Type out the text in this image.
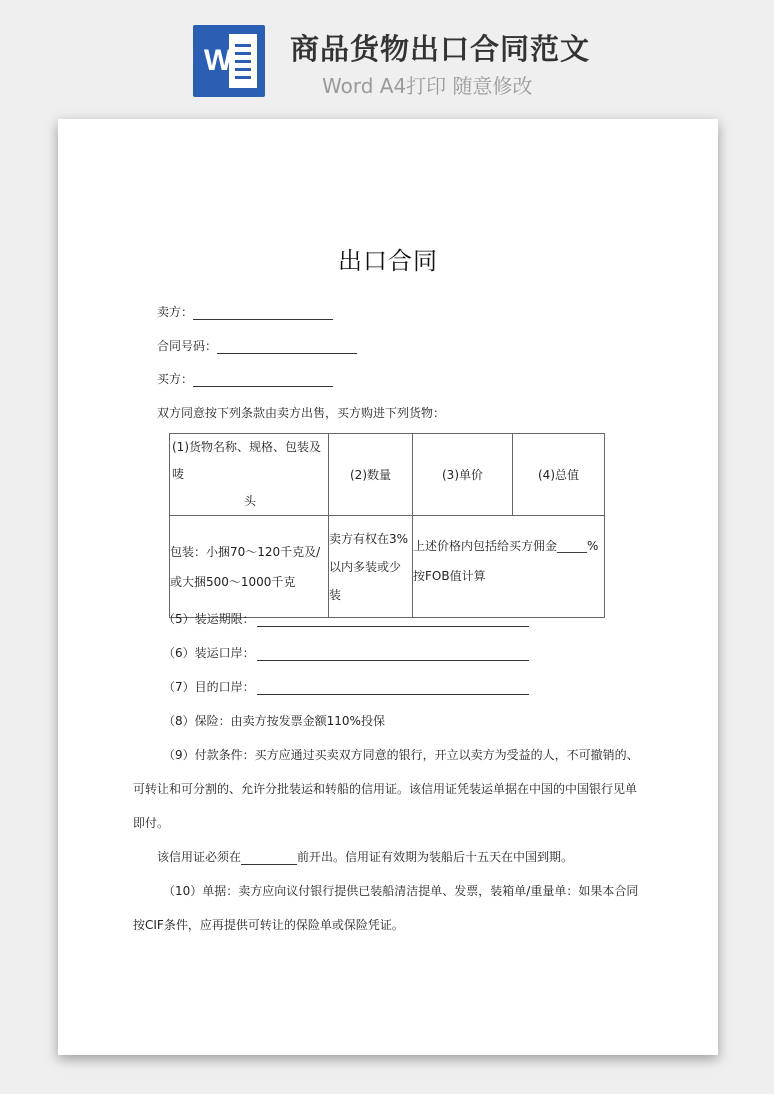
W 商品货物出口合同范文
Word A4打印 随意修改
出口合同
卖方：
合同号码：
买方：
双方同意按下列条款由卖方出售，买方购进下列货物：
(1)货物名称、规格、包装及唛

头	(2)数量	(3)单价	(4)总值

包装：小捆70～120千克及/
或大捆500～1000千克	卖方有权在3%
以内多装或少
装	上述价格内包括给买方佣金_____%
按FOB值计算	
（5）装运期限：
（6）装运口岸：
（7）目的口岸：
（8）保险：由卖方按发票金额110%投保
（9）付款条件：买方应通过买卖双方同意的银行，开立以卖方为受益的人，不可撤销的、
可转让和可分割的、允许分批装运和转船的信用证。该信用证凭装运单据在中国的中国银行见单
即付。
该信用证必须在	前开出。信用证有效期为装船后十五天在中国到期。
（10）单据：卖方应向议付银行提供已装船清洁提单、发票，装箱单/重量单：如果本合同
按CIF条件，应再提供可转让的保险单或保险凭证。
